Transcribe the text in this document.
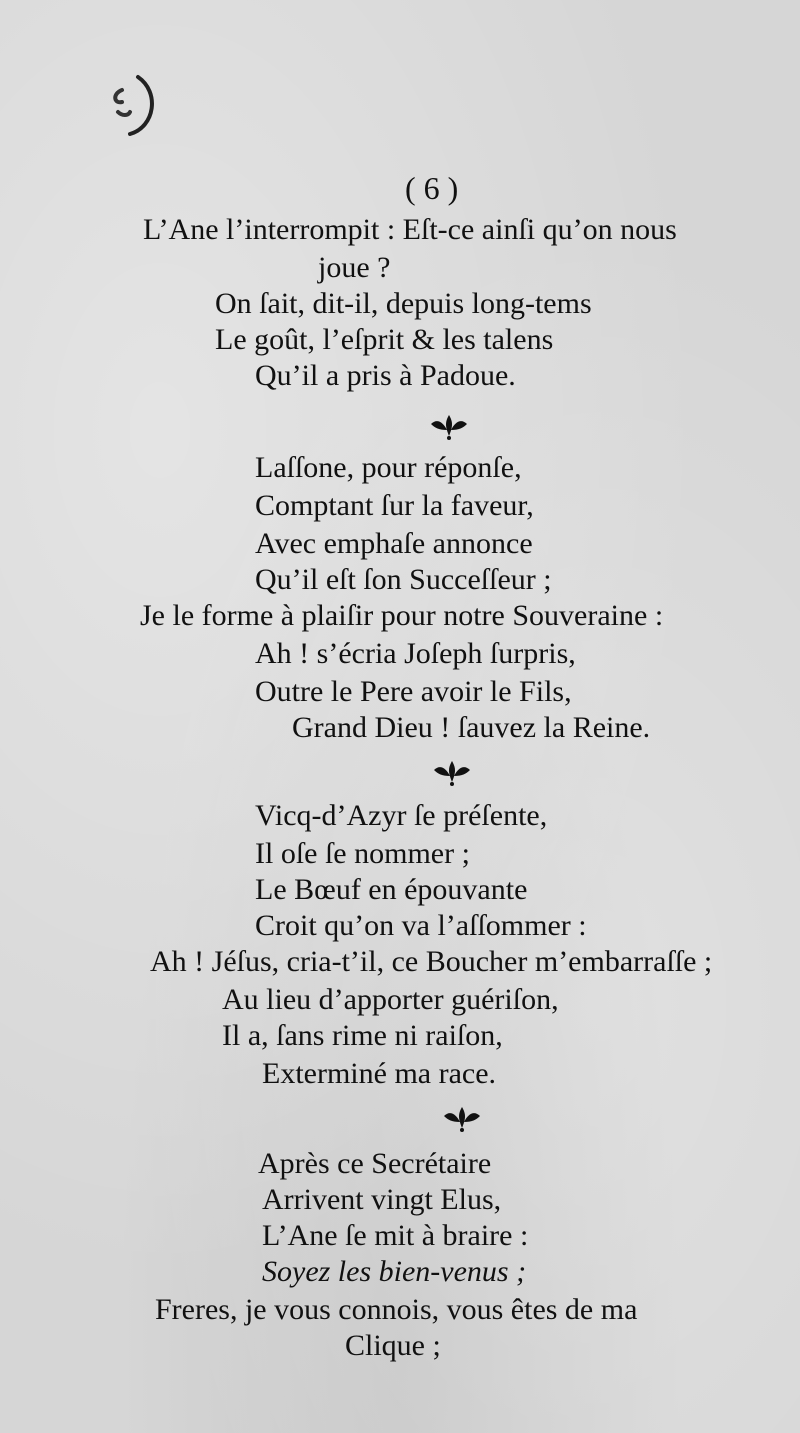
( 6 )
L’Ane l’interrompit : Eſt-ce ainſi qu’on nous
joue ?
On ſait, dit-il, depuis long-tems
Le goût, l’eſprit & les talens
Qu’il a pris à Padoue.
Laſſone, pour réponſe,
Comptant ſur la faveur,
Avec emphaſe annonce
Qu’il eſt ſon Succeſſeur ;
Je le forme à plaiſir pour notre Souveraine :
Ah ! s’écria Joſeph ſurpris,
Outre le Pere avoir le Fils,
Grand Dieu ! ſauvez la Reine.
Vicq-d’Azyr ſe préſente,
Il oſe ſe nommer ;
Le Bœuf en épouvante
Croit qu’on va l’aſſommer :
Ah ! Jéſus, cria-t’il, ce Boucher m’embarraſſe ;
Au lieu d’apporter guériſon,
Il a, ſans rime ni raiſon,
Exterminé ma race.
Après ce Secrétaire
Arrivent vingt Elus,
L’Ane ſe mit à braire :
Soyez les bien-venus ;
Freres, je vous connois, vous êtes de ma
Clique ;
